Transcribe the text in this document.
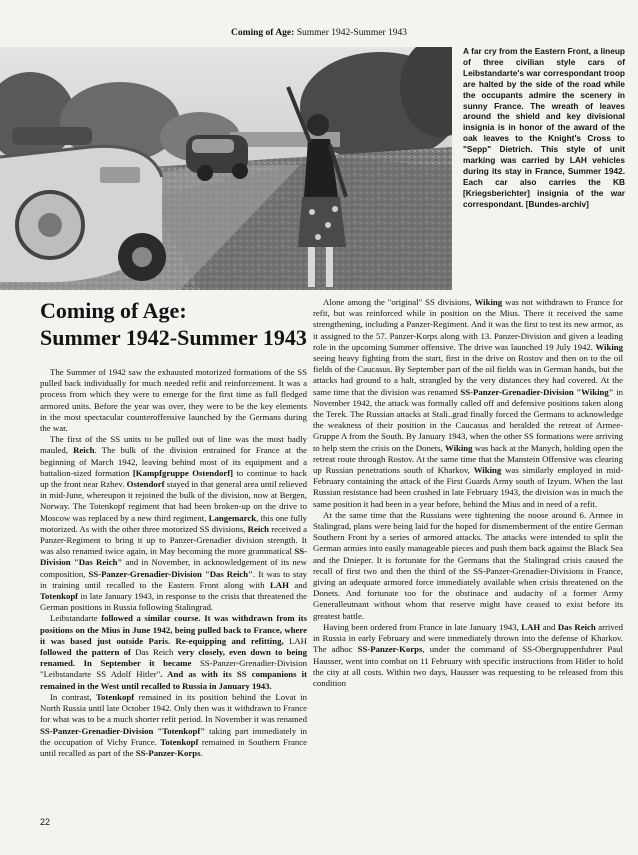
Coming of Age: Summer 1942-Summer 1943
A far cry from the Eastern Front, a lineup of three civilian style cars of Leibstandarte's war correspondant troop are halted by the side of the road while the occupants admire the scenery in sunny France. The wreath of leaves around the shield and key divisional insignia is in honor of the award of the oak leaves to the Knight's Cross to "Sepp" Dietrich. This style of unit marking was carried by LAH vehicles during its stay in France, Summer 1942. Each car also carries the KB [Kriegsberichter] insignia of the war correspondant. [Bundes-archiv]
Coming of Age:
Summer 1942-Summer 1943

The Summer of 1942 saw the exhausted motorized formations of the SS pulled back individually for much needed refit and reinforcement. It was a process from which they were to emerge for the first time as full fledged armored units. Before the year was over, they were to be the key elements in the most spectacular counteroffensive launched by the Germans during the war.

The first of the SS units to be pulled out of line was the most badly mauled, Reich. The bulk of the division entrained for France at the beginning of March 1942, leaving behind most of its equipment and a battalion-sized formation [Kampfgruppe Ostendorf] to continue to back up the front near Rzhev. Ostendorf stayed in that general area until relieved in mid-June, whereupon it rejoined the bulk of the division, now at Bergen, Norway. The Totenkopf regiment that had been broken-up on the drive to Moscow was replaced by a new third regiment, Langemarck, this one fully motorized. As with the other three motorized SS divisions, Reich received a Panzer-Regiment to bring it up to Panzer-Grenadier division strength. It was also renamed twice again, in May becoming the more grammatical SS-Division "Das Reich" and in November, in acknowledgement of its new composition, SS-Panzer-Grenadier-Division "Das Reich". It was to stay in training until recalled to the Eastern Front along with LAH and Totenkopf in late January 1943, in response to the crisis that threatened the German positions in Russia following Stalingrad.

Leibstandarte followed a similar course. It was withdrawn from its positions on the Mius in June 1942, being pulled back to France, where it was based just outside Paris. Re-equipping and refitting, LAH followed the pattern of Das Reich very closely, even down to being renamed. In September it became SS-Panzer-Grenadier-Division "Leibstandarte SS Adolf Hitler". And as with its SS companions it remained in the West until recalled to Russia in January 1943.

In contrast, Totenkopf remained in its position behind the Lovat in North Russia until late October 1942. Only then was it withdrawn to France for what was to be a much shorter refit period. In November it was renamed SS-Panzer-Grenadier-Division "Totenkopf" taking part immediately in the occupation of Vichy France. Totenkopf remained in Southern France until recalled as part of the SS-Panzer-Korps.

Alone among the "original" SS divisions, Wiking was not withdrawn to France for refit, but was reinforced while in position on the Mius. There it received the same strengthening, including a Panzer-Regiment. And it was the first to test its new armor, as it assigned to the 57. Panzer-Korps along with 13. Panzer-Division and given a leading role in the upcoming Summer offensive. The drive was launched 19 July 1942. Wiking seeing heavy fighting from the start, first in the drive on Rostov and then on to the oil fields of the Caucasus. By September part of the oil fields was in German hands, but the attacks had ground to a halt, strangled by the very distances they had covered. At the same time that the division was renamed SS-Panzer-Grenadier-Division "Wiking" in November 1942, the attack was formally called off and defensive positions taken along the Terek. The Russian attacks at Stali..grad finally forced the Germans to acknowledge the weakness of their position in the Caucasus and heralded the retreat of Armee-Gruppe A from the South. By January 1943, when the other SS formations were arriving to help stem the crisis on the Donets, Wiking was back at the Manych, holding open the retreat route through Rostov. At the same time that the Manstein Offensive was clearing up Russian penetrations south of Kharkov, Wiking was similarly employed in mid-February containing the attack of the First Guards Army south of Izyum. When the last Russian resistance had been crushed in late February 1943, the division was in much the same position it had been in a year before, behind the Mius and in need of a refit.

At the same time that the Russians were tightening the noose around 6. Armee in Stalingrad, plans were being laid for the hoped for dismemberment of the entire German Southern Front by a series of armored attacks. The attacks were intended to split the German armies into easily manageable pieces and push them back against the Black Sea and the Dnieper. It is fortunate for the Germans that the Stalingrad crisis caused the recall of first two and then the third of the SS-Panzer-Grenadier-Divisions in France, giving an adequate armored force immediately available when crisis threatened on the Donets. And fortunate too for the obstinace and audacity of a former Army Generalleutnant without whom that reserve might have ceased to exist before its greatest battle.

Having been ordered from France in late January 1943, LAH and Das Reich arrived in Russia in early February and were immediately thrown into the defense of Kharkov. The adhoc SS-Panzer-Korps, under the command of SS-Obergruppenfuhrer Paul Hausser, went into combat on 11 February with specific instructions from Hitler to hold the city at all costs. Within two days, Hausser was requesting to be released from this condition

22
